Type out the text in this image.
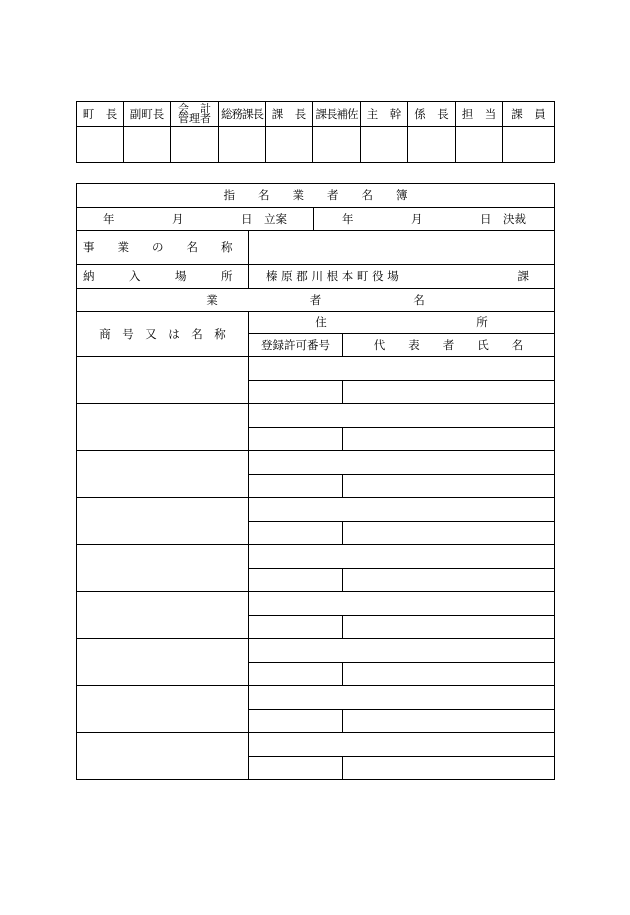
町　長	副町長	会　計管理者	総務課長	課　長	課長補佐	主　幹	係　長	担　当	課　員

指　　名　　業　　者　　名　　簿			
年　　　　　月　　　　　日　立案		年　　　　　月　　　　　日　決裁	
事　　業　　の　　名　　称			
納　　　入　　　場　　　所	榛 原 郡 川 根 本 町 役 場 課		

業　　　　　　　　者　　　　　　　　名			
商　号　又　は　名　称	住　　　　　　　　　　　　　所		
	登録許可番号		代　　表　　者　　氏　　名
